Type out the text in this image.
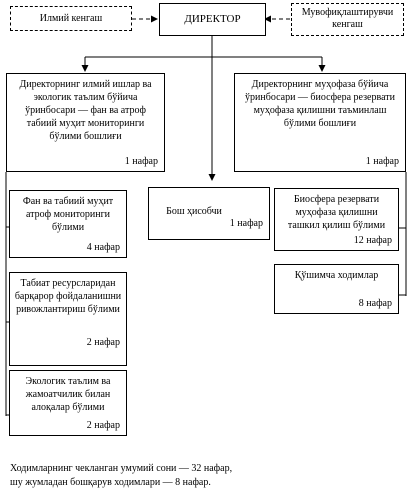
Илмий кенгаш	ДИРЕКТОР
Мувофиқлаштирувчи кенгаш
Директорнинг илмий ишлар ва экологик таълим бўйича ўринбосари — фан ва атроф табиий муҳит мониторинги бўлими бошлиғи
1 нафар
Директорнинг муҳофаза бўйича ўринбосари — биосфера резервати муҳофаза қилишни таъминлаш бўлими бошлиғи
1 нафар
Бош ҳисобчи
1 нафар
Фан ва табиий муҳит атроф мониторинги бўлими
4 нафар
Табиат ресурсларидан барқарор фойдаланишни ривожлантириш бўлими
2 нафар
Экологик таълим ва жамоатчилик билан алоқалар бўлими
2 нафар
Биосфера резервати муҳофаза қилишни ташкил қилиш бўлими
12 нафар
Қўшимча ходимлар
8 нафар
Ходимларнинг чекланган умумий сони — 32 нафар,
шу жумладан бошқарув ходимлари — 8 нафар.
